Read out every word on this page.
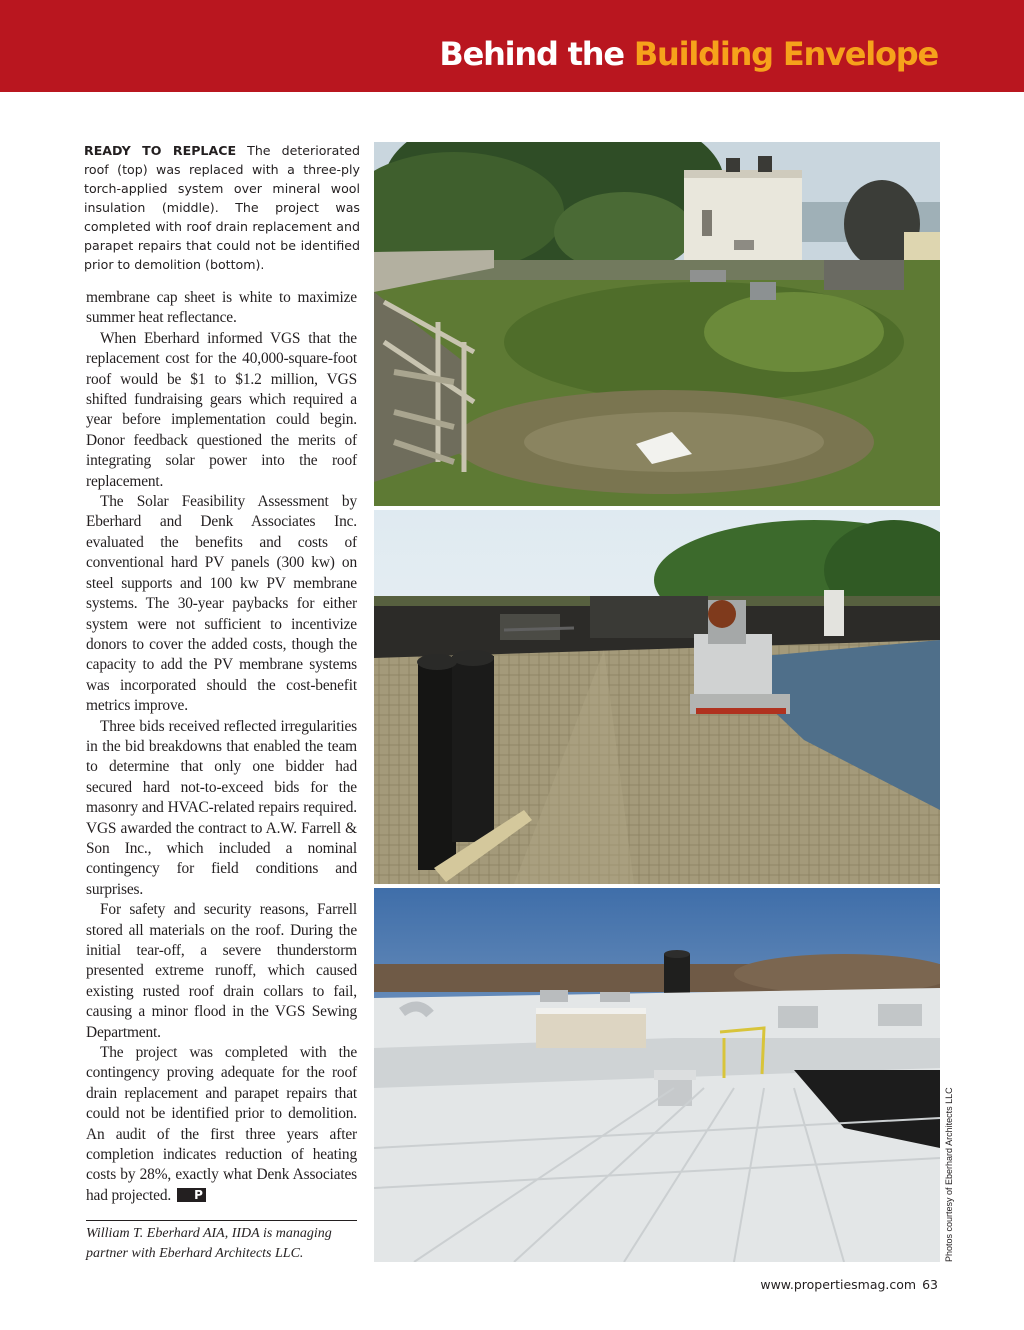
Behind the Building Envelope
READY TO REPLACE The deteriorated roof (top) was replaced with a three-ply torch-applied system over mineral wool insulation (middle). The project was completed with roof drain replacement and parapet repairs that could not be identified prior to demolition (bottom).

membrane cap sheet is white to maximize summer heat reflectance.

When Eberhard informed VGS that the replacement cost for the 40,000-square-foot roof would be $1 to $1.2 million, VGS shifted fundraising gears which required a year before implementation could begin. Donor feedback questioned the merits of integrating solar power into the roof replacement.

The Solar Feasibility Assessment by Eberhard and Denk Associates Inc. evaluated the benefits and costs of conventional hard PV panels (300 kw) on steel supports and 100 kw PV membrane systems. The 30-year paybacks for either system were not sufficient to incentivize donors to cover the added costs, though the capacity to add the PV membrane systems was incorporated should the cost-benefit metrics improve.

Three bids received reflected irregularities in the bid breakdowns that enabled the team to determine that only one bidder had secured hard not-to-exceed bids for the masonry and HVAC-related repairs required. VGS awarded the contract to A.W. Farrell & Son Inc., which included a nominal contingency for field conditions and surprises.

For safety and security reasons, Farrell stored all materials on the roof. During the initial tear-off, a severe thunderstorm presented extreme runoff, which caused existing rusted roof drain collars to fail, causing a minor flood in the VGS Sewing Department.

The project was completed with the contingency proving adequate for the roof drain replacement and parapet repairs that could not be identified prior to demolition. An audit of the first three years after completion indicates reduction of heating costs by 28%, exactly what Denk Associates had projected. P

William T. Eberhard AIA, IIDA is managing partner with Eberhard Architects LLC.	Photos courtesy of Eberhard Architects LLC
www.propertiesmag.com 63
